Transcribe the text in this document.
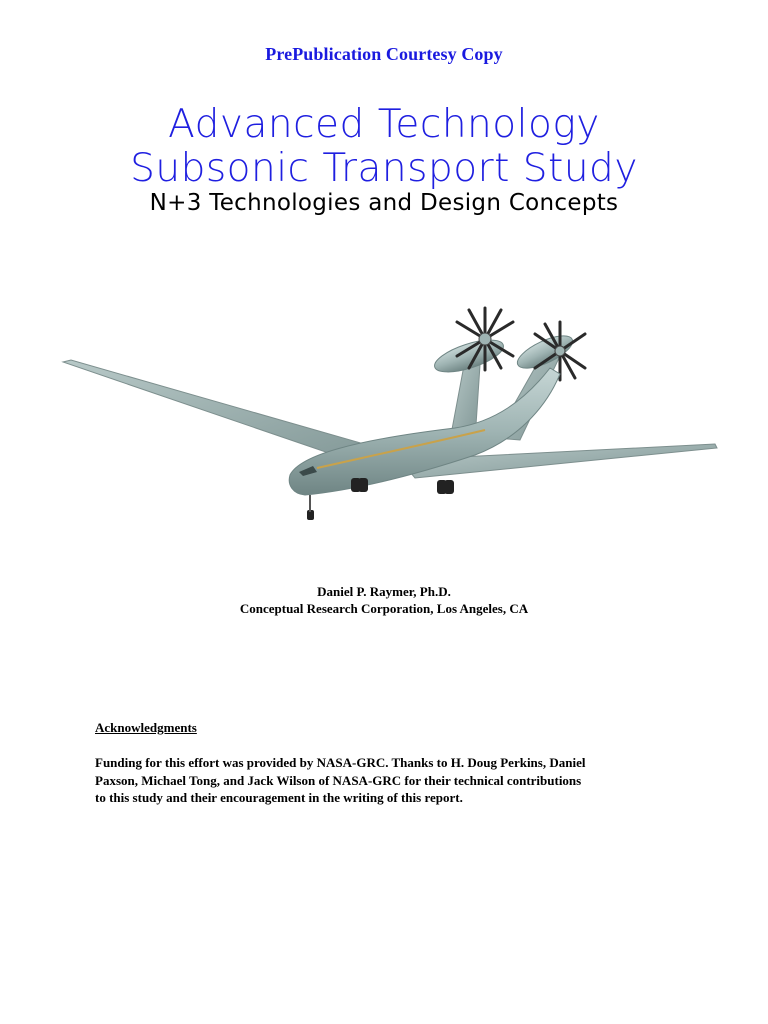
PrePublication Courtesy Copy
Advanced Technology
Subsonic Transport Study
N+3 Technologies and Design Concepts
Daniel P. Raymer, Ph.D.
Conceptual Research Corporation, Los Angeles, CA
Acknowledgments
Funding for this effort was provided by NASA-GRC. Thanks to H. Doug Perkins, Daniel
Paxson, Michael Tong, and Jack Wilson of NASA-GRC for their technical contributions
to this study and their encouragement in the writing of this report.
